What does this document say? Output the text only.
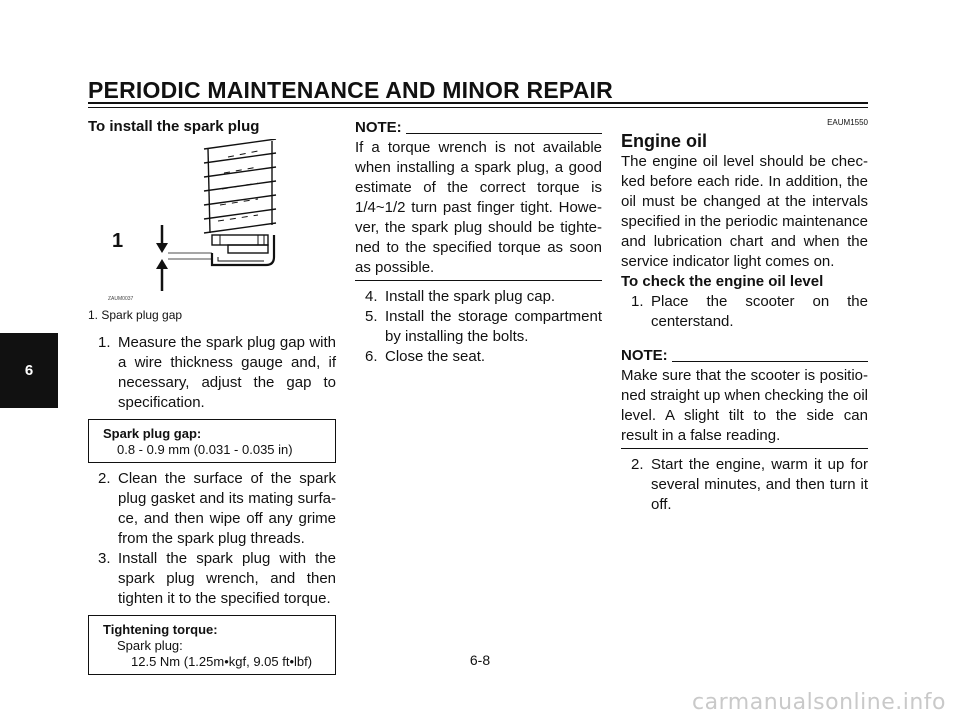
PERIODIC MAINTENANCE AND MINOR REPAIR
6
To install the spark plug
1
ZAUM0037
1. Spark plug gap
1. Measure the spark plug gap with a wire thickness gauge and, if necessary, adjust the gap to specification.
Spark plug gap:
0.8 - 0.9 mm (0.031 - 0.035 in)
2. Clean the surface of the spark plug gasket and its mating surface, and then wipe off any grime from the spark plug threads.
3. Install the spark plug with the spark plug wrench, and then tighten it to the specified torque.
Tightening torque:
Spark plug:
12.5 Nm (1.25m•kgf, 9.05 ft•lbf)
NOTE:
If a torque wrench is not available when installing a spark plug, a good estimate of the correct torque is 1/4~1/2 turn past finger tight. However, the spark plug should be tightened to the specified torque as soon as possible.
4. Install the spark plug cap.
5. Install the storage compartment by installing the bolts.
6. Close the seat.
EAUM1550
Engine oil
The engine oil level should be checked before each ride. In addition, the oil must be changed at the intervals specified in the periodic maintenance and lubrication chart and when the service indicator light comes on.
To check the engine oil level
1. Place the scooter on the centerstand.
NOTE:
Make sure that the scooter is positioned straight up when checking the oil level. A slight tilt to the side can result in a false reading.
2. Start the engine, warm it up for several minutes, and then turn it off.
6-8
carmanualsonline.info
